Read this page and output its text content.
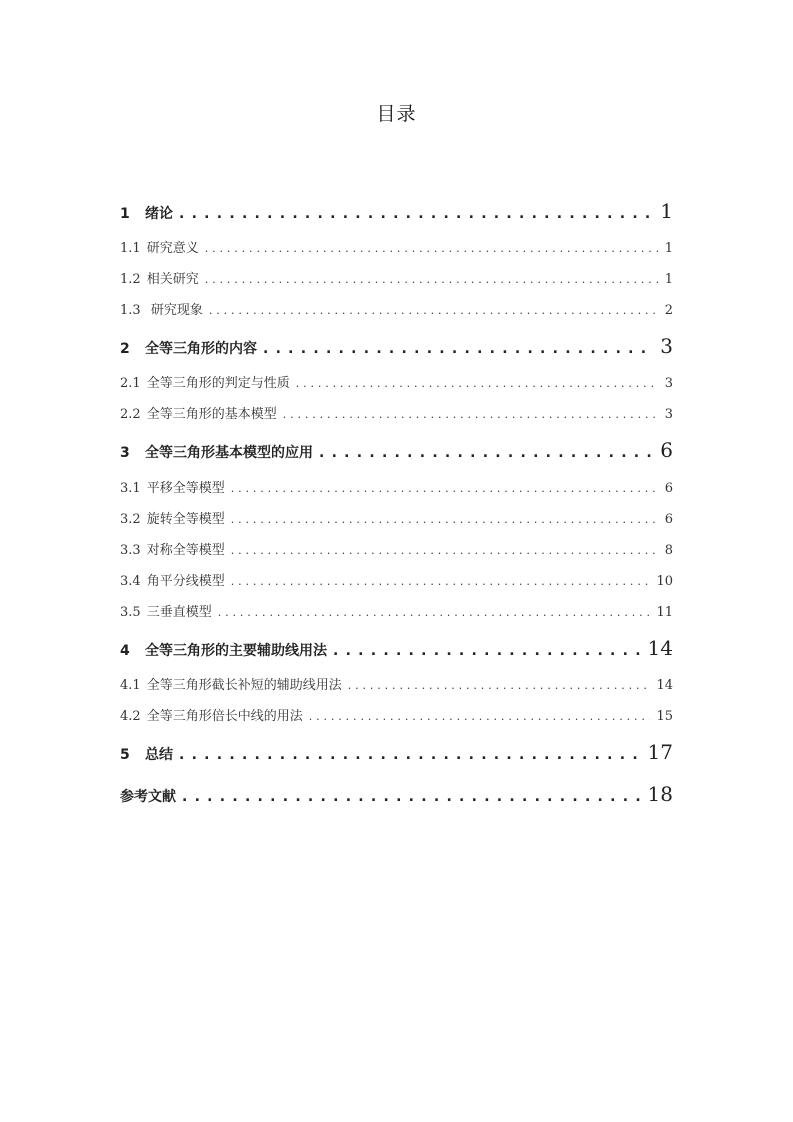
目录
1	绪论 . . .	1
1.1 研究意义 . . .	1
1.2 相关研究 . . .	1
1.3 研究现象 . . .	2
2	全等三角形的内容 . . .	3
2.1 全等三角形的判定与性质 . . .	3
2.2 全等三角形的基本模型 . . .	3
3	全等三角形基本模型的应用 . . .	6
3.1 平移全等模型 . . .	6
3.2 旋转全等模型 . . .	6
3.3 对称全等模型 . . .	8
3.4 角平分线模型 . . .	10
3.5 三垂直模型 . . .	11
4	全等三角形的主要辅助线用法 . . .	14
4.1 全等三角形截长补短的辅助线用法 . . .	14
4.2 全等三角形倍长中线的用法 . . .	15
5	总结 . . .	17
参考文献 . . .	18
